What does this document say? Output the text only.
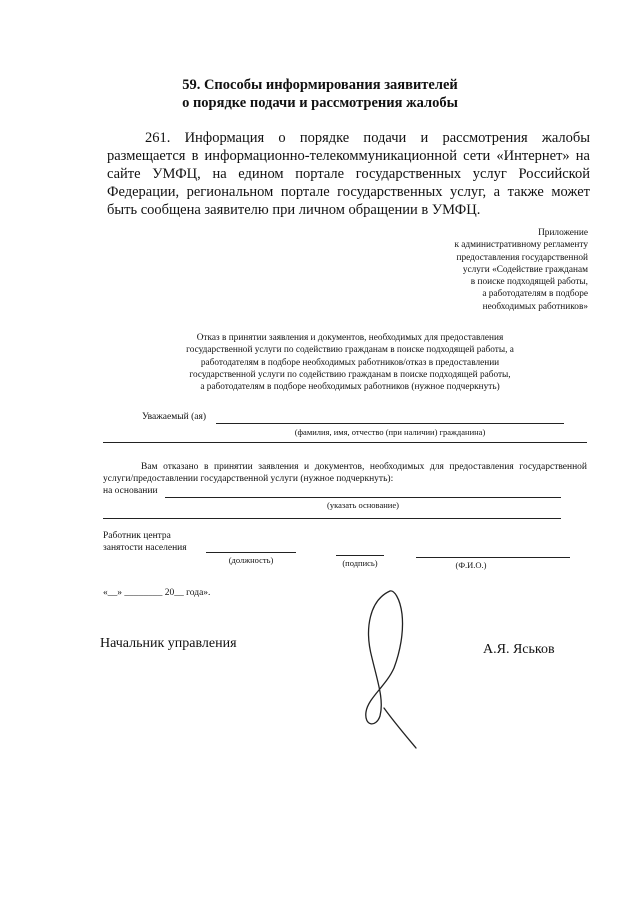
59. Способы информирования заявителей
о порядке подачи и рассмотрения жалобы
261. Информация о порядке подачи и рассмотрения жалобы размещается в информационно-телекоммуникационной сети «Интернет» на сайте УМФЦ, на едином портале государственных услуг Российской Федерации, региональном портале государственных услуг, а также может быть сообщена заявителю при личном обращении в УМФЦ.
Приложение
к административному регламенту
предоставления государственной
услуги «Содействие гражданам
в поиске подходящей работы,
а работодателям в подборе
необходимых работников»
Отказ в принятии заявления и документов, необходимых для предоставления
государственной услуги по содействию гражданам в поиске подходящей работы, а
работодателям в подборе необходимых работников/отказ в предоставлении
государственной услуги по содействию гражданам в поиске подходящей работы,
а работодателям в подборе необходимых работников (нужное подчеркнуть)
Уважаемый (ая)
(фамилия, имя, отчество (при наличии) гражданина)
Вам отказано в принятии заявления и документов, необходимых для предоставления государственной услуги/предоставлении государственной услуги (нужное подчеркнуть):
на основании
(указать основание)
Работник центра
занятости населения
(должность)	(подпись)	(Ф.И.О.)
«__» ________ 20__ года».
Начальник управления	А.Я. Яськов
